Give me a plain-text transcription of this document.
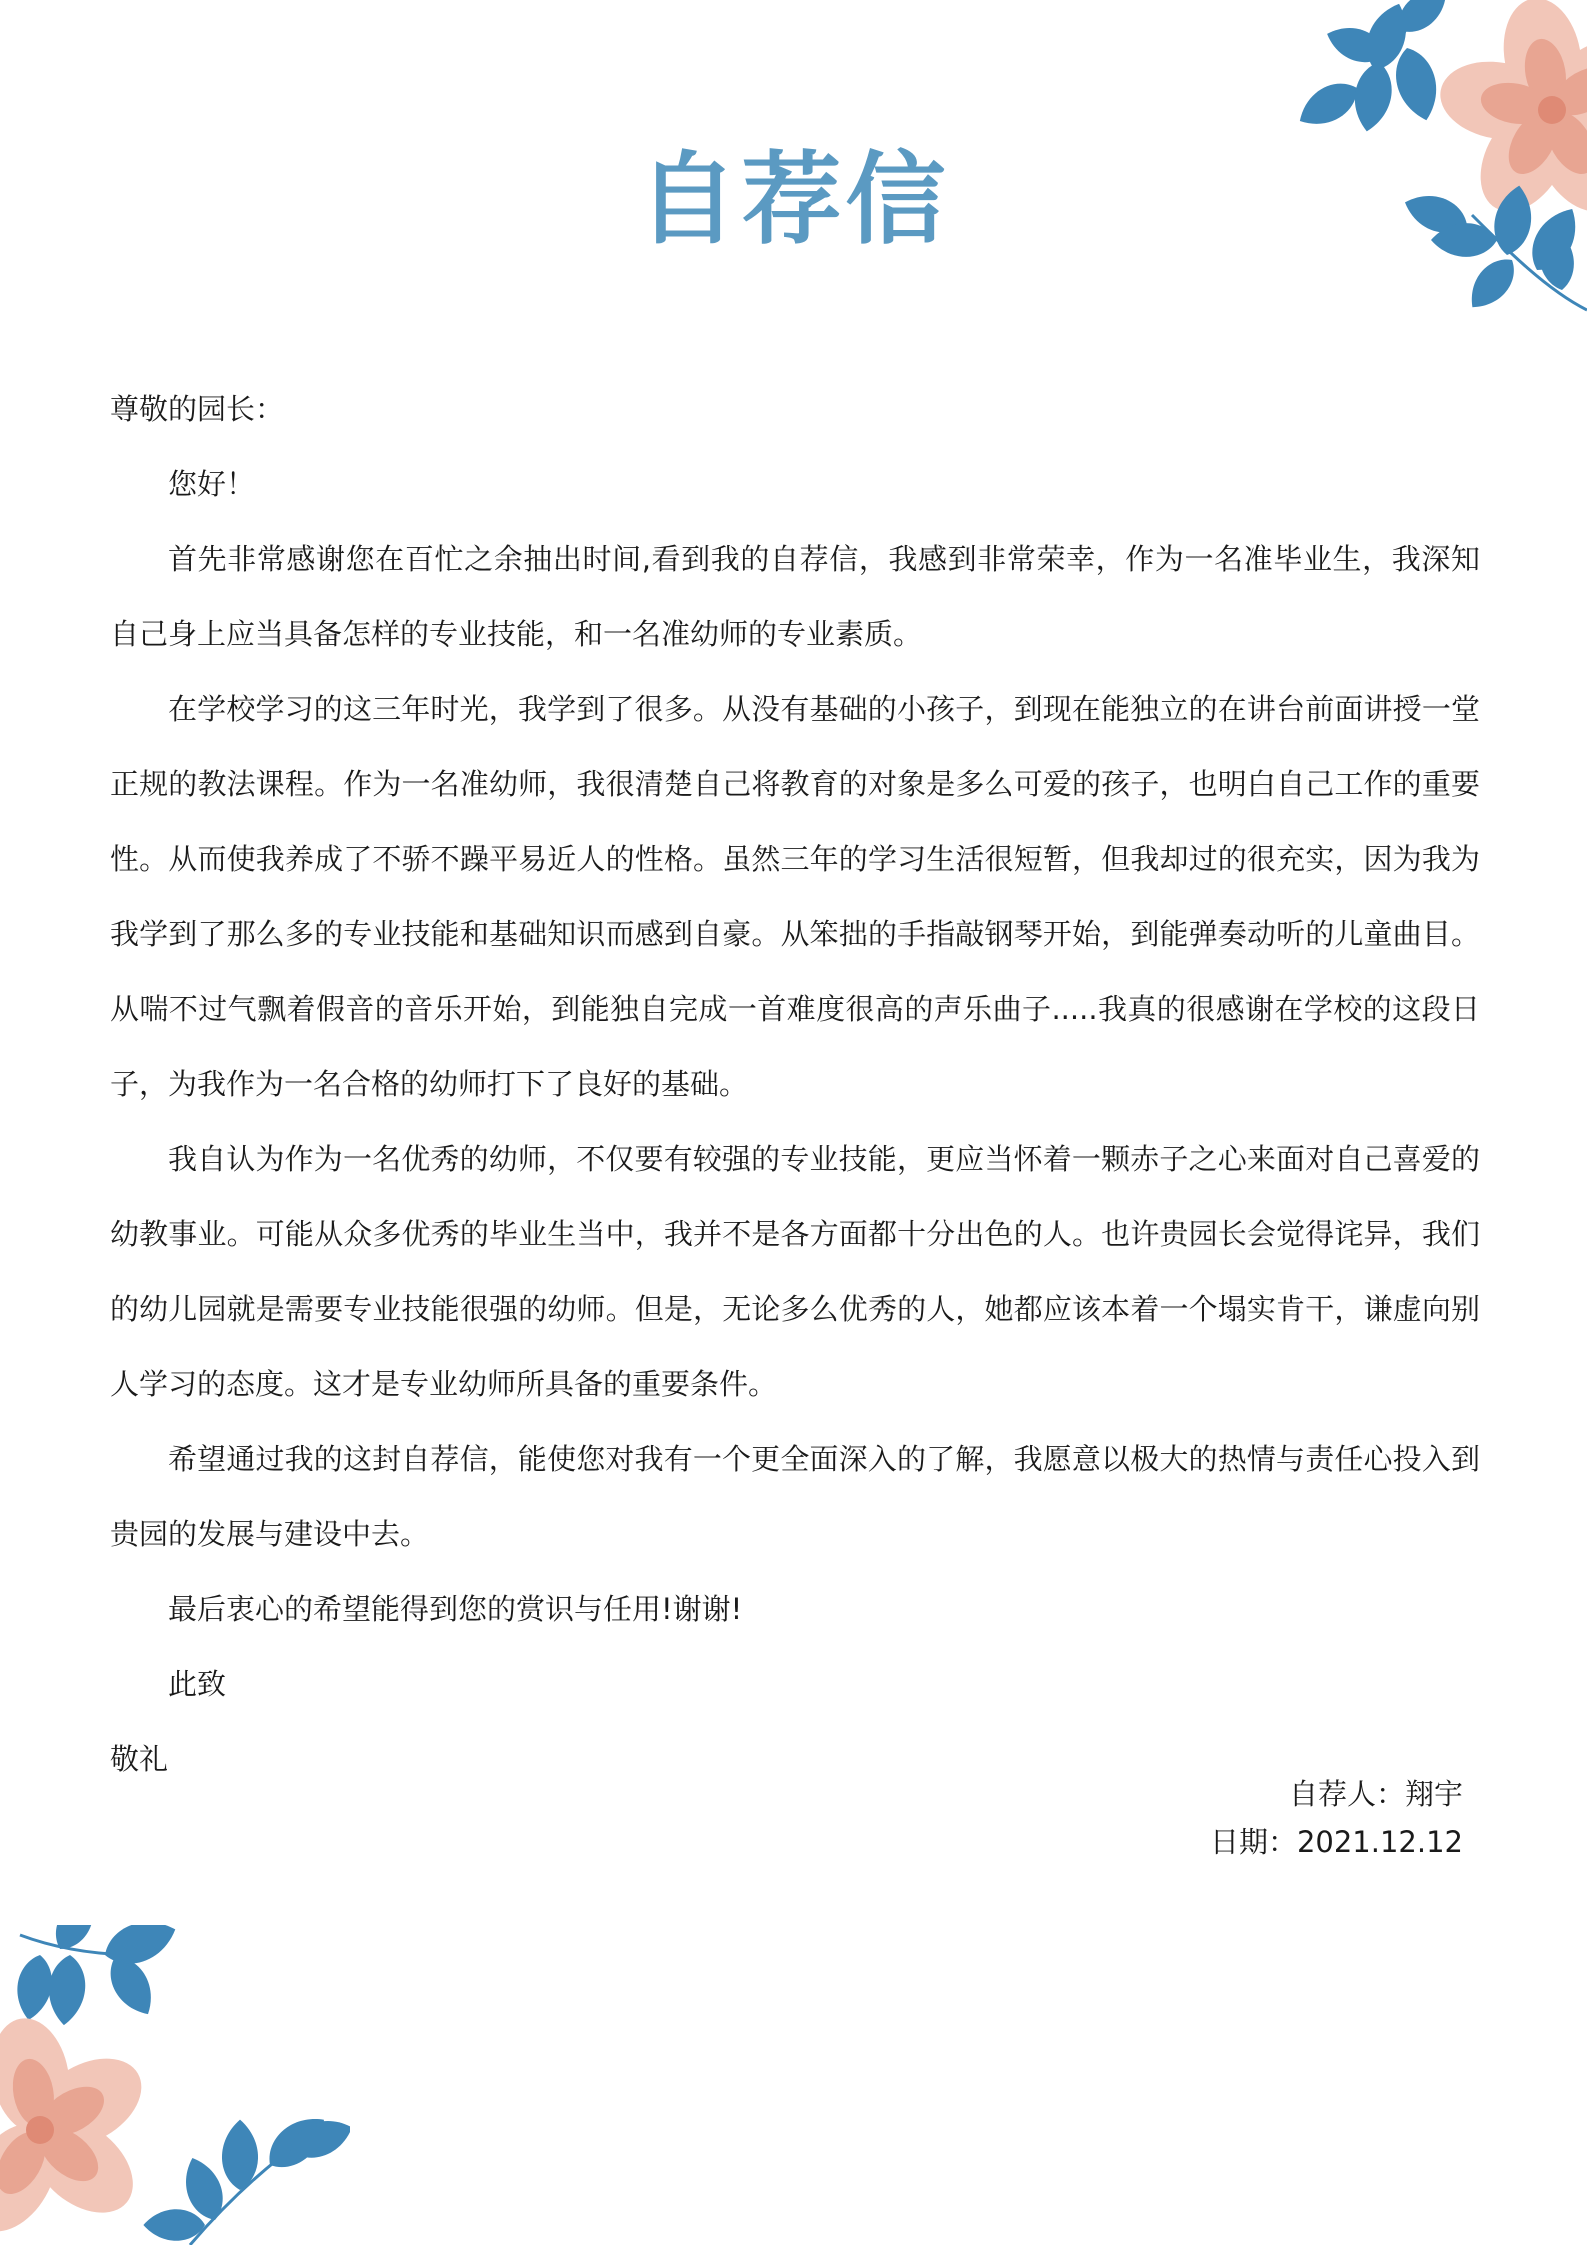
自荐信

尊敬的园长：

您好！

首先非常感谢您在百忙之余抽出时间,看到我的自荐信，我感到非常荣幸，作为一名准毕业生，我深知自己身上应当具备怎样的专业技能，和一名准幼师的专业素质。

在学校学习的这三年时光，我学到了很多。从没有基础的小孩子，到现在能独立的在讲台前面讲授一堂正规的教法课程。作为一名准幼师，我很清楚自己将教育的对象是多么可爱的孩子，也明白自己工作的重要性。从而使我养成了不骄不躁平易近人的性格。虽然三年的学习生活很短暂，但我却过的很充实，因为我为我学到了那么多的专业技能和基础知识而感到自豪。从笨拙的手指敲钢琴开始，到能弹奏动听的儿童曲目。从喘不过气飘着假音的音乐开始，到能独自完成一首难度很高的声乐曲子.....我真的很感谢在学校的这段日子，为我作为一名合格的幼师打下了良好的基础。

我自认为作为一名优秀的幼师，不仅要有较强的专业技能，更应当怀着一颗赤子之心来面对自己喜爱的幼教事业。可能从众多优秀的毕业生当中，我并不是各方面都十分出色的人。也许贵园长会觉得诧异，我们的幼儿园就是需要专业技能很强的幼师。但是，无论多么优秀的人，她都应该本着一个塌实肯干，谦虚向别人学习的态度。这才是专业幼师所具备的重要条件。

希望通过我的这封自荐信，能使您对我有一个更全面深入的了解，我愿意以极大的热情与责任心投入到贵园的发展与建设中去。

最后衷心的希望能得到您的赏识与任用!谢谢!

此致

敬礼

自荐人：翔宇
日期：2021.12.12
